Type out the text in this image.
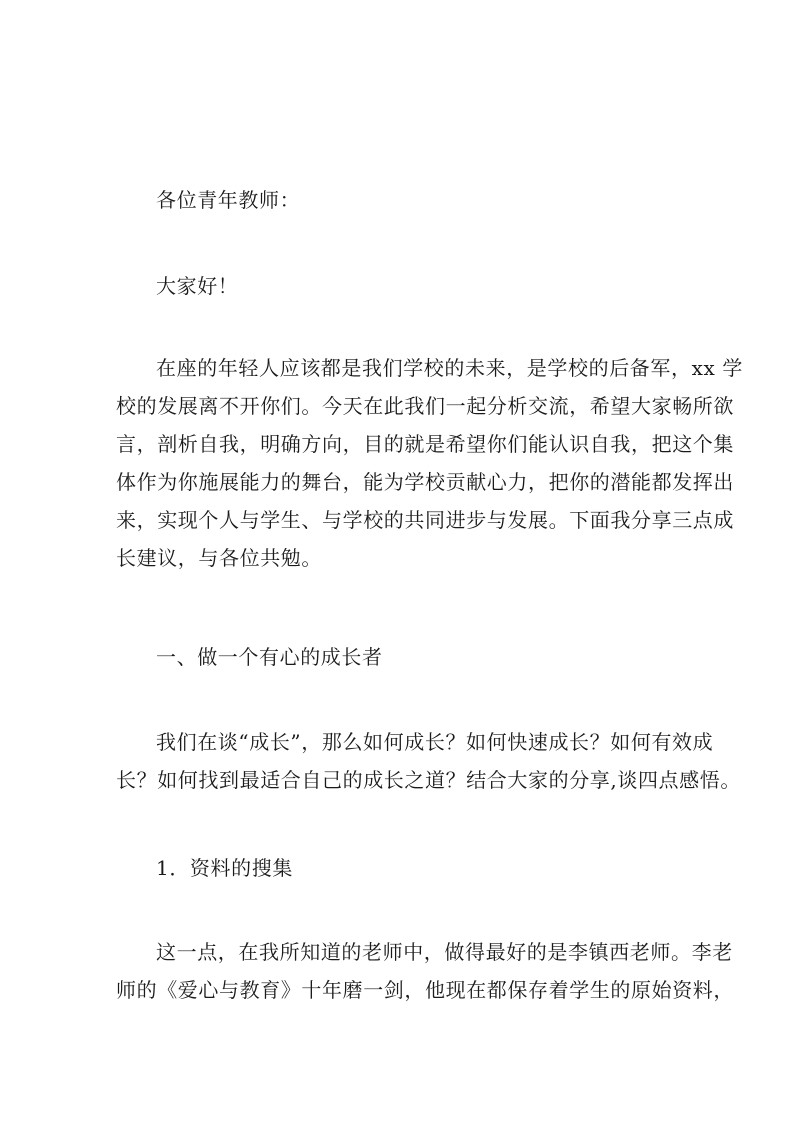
各位青年教师：
大家好！
在座的年轻人应该都是我们学校的未来，是学校的后备军，xx 学
校的发展离不开你们。今天在此我们一起分析交流，希望大家畅所欲
言，剖析自我，明确方向，目的就是希望你们能认识自我，把这个集
体作为你施展能力的舞台，能为学校贡献心力，把你的潜能都发挥出
来，实现个人与学生、与学校的共同进步与发展。下面我分享三点成
长建议，与各位共勉。
一、做一个有心的成长者
我们在谈“成长”，那么如何成长？如何快速成长？如何有效成
长？如何找到最适合自己的成长之道？结合大家的分享,谈四点感悟。
1．资料的搜集
这一点，在我所知道的老师中，做得最好的是李镇西老师。李老
师的《爱心与教育》十年磨一剑，他现在都保存着学生的原始资料，
